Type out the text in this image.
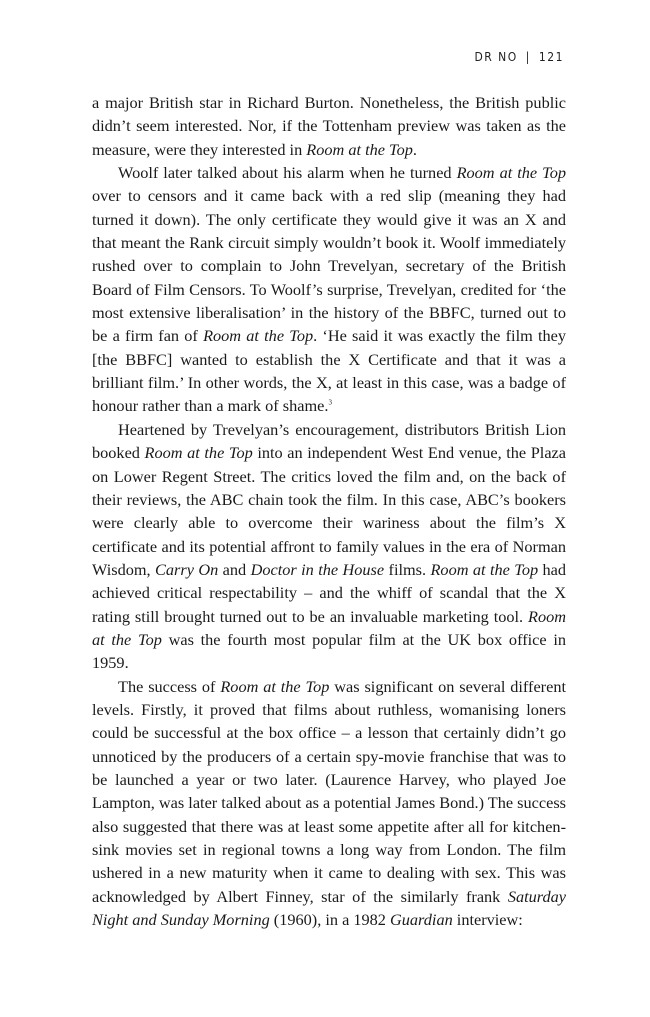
DR NO | 121

a major British star in Richard Burton. Nonetheless, the British public didn’t seem interested. Nor, if the Tottenham preview was taken as the measure, were they interested in Room at the Top.

Woolf later talked about his alarm when he turned Room at the Top over to censors and it came back with a red slip (meaning they had turned it down). The only certificate they would give it was an X and that meant the Rank circuit simply wouldn’t book it. Woolf immediately rushed over to complain to John Trevelyan, secretary of the British Board of Film Censors. To Woolf’s surprise, Trevelyan, credited for ‘the most extensive liberalisation’ in the history of the BBFC, turned out to be a firm fan of Room at the Top. ‘He said it was exactly the film they [the BBFC] wanted to establish the X Certificate and that it was a brilliant film.’ In other words, the X, at least in this case, was a badge of honour rather than a mark of shame.$^3$

Heartened by Trevelyan’s encouragement, distributors British Lion booked Room at the Top into an independent West End venue, the Plaza on Lower Regent Street. The critics loved the film and, on the back of their reviews, the ABC chain took the film. In this case, ABC’s bookers were clearly able to overcome their wariness about the film’s X certificate and its potential affront to family values in the era of Norman Wisdom, Carry On and Doctor in the House films. Room at the Top had achieved critical respectability – and the whiff of scandal that the X rating still brought turned out to be an invaluable marketing tool. Room at the Top was the fourth most popular film at the UK box office in 1959.

The success of Room at the Top was significant on several different levels. Firstly, it proved that films about ruthless, womanising loners could be successful at the box office – a lesson that certainly didn’t go unnoticed by the producers of a certain spy-movie franchise that was to be launched a year or two later. (Laurence Harvey, who played Joe Lampton, was later talked about as a potential James Bond.) The success also suggested that there was at least some appetite after all for kitchen-sink movies set in regional towns a long way from London. The film ushered in a new maturity when it came to dealing with sex. This was acknowledged by Albert Finney, star of the similarly frank Saturday Night and Sunday Morning (1960), in a 1982 Guardian interview:
